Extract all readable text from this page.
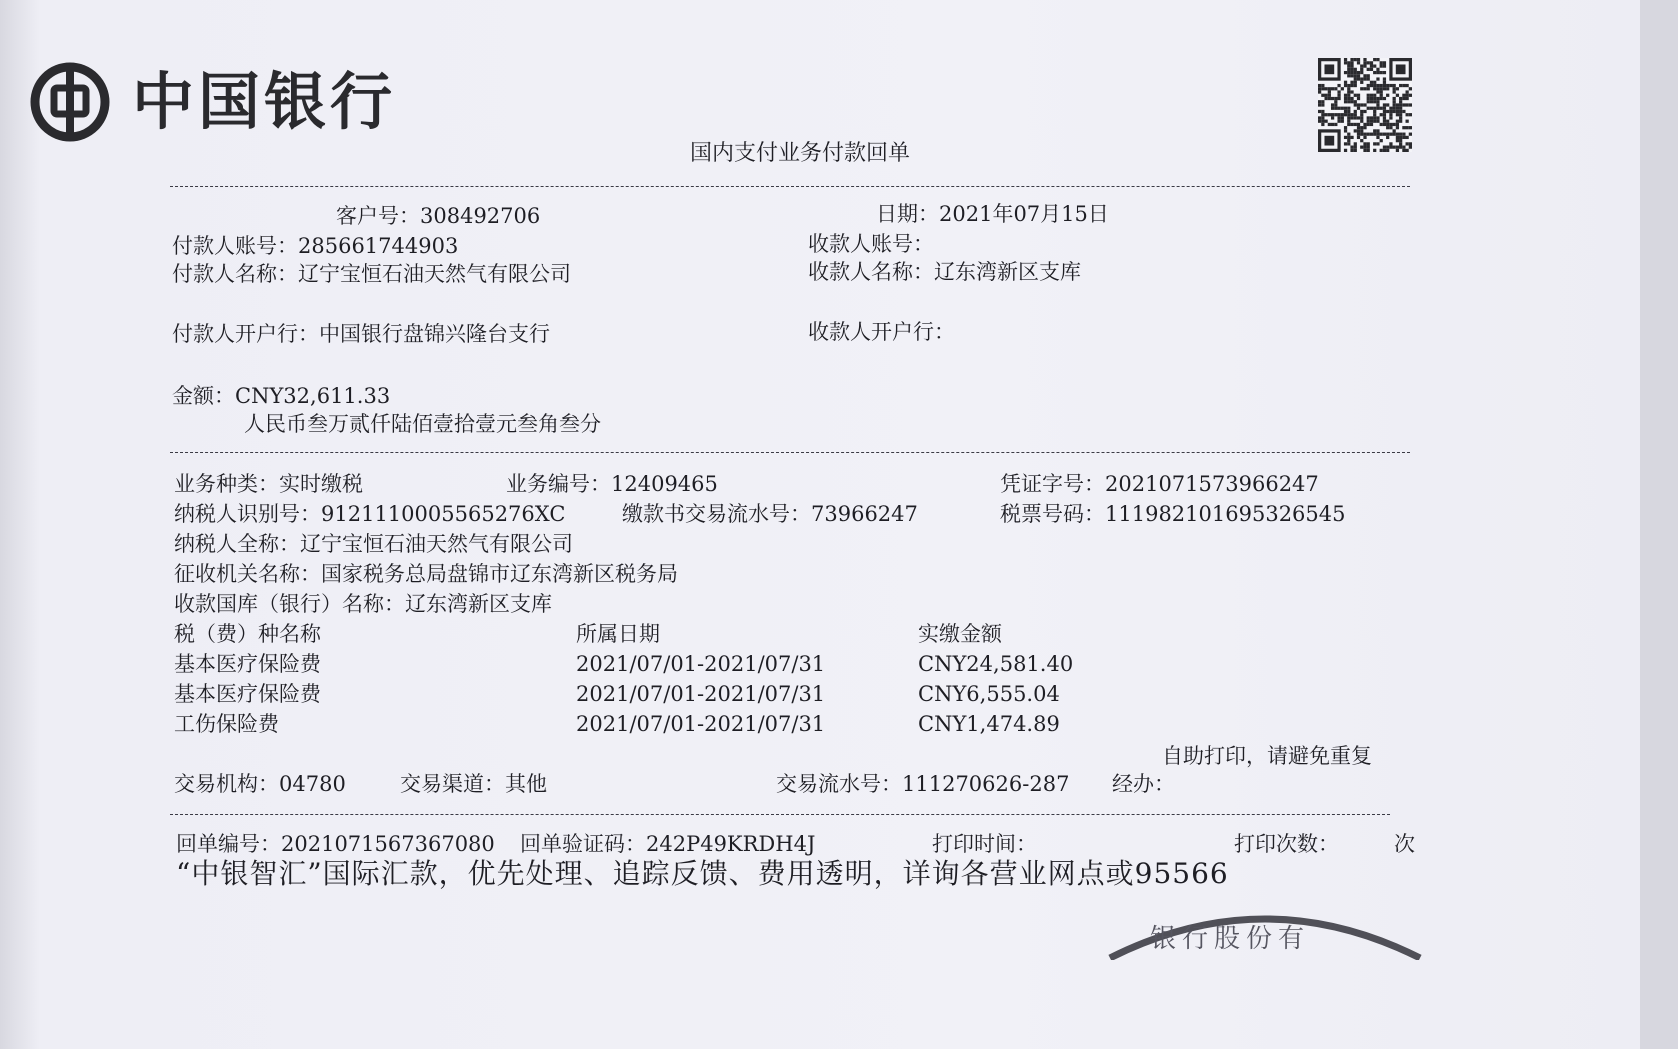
中国银行
国内支付业务付款回单
客户号：308492706	日期：2021年07月15日
付款人账号：285661744903	收款人账号：
付款人名称：辽宁宝恒石油天然气有限公司	收款人名称：辽东湾新区支库
付款人开户行：中国银行盘锦兴隆台支行	收款人开户行：
金额：CNY32,611.33
人民币叁万贰仟陆佰壹拾壹元叁角叁分
业务种类：实时缴税	业务编号：12409465	凭证字号：2021071573966247
纳税人识别号：9121110005565276XC	缴款书交易流水号：73966247	税票号码：111982101695326545
纳税人全称：辽宁宝恒石油天然气有限公司
征收机关名称：国家税务总局盘锦市辽东湾新区税务局
收款国库（银行）名称：辽东湾新区支库
税（费）种名称	所属日期	实缴金额
基本医疗保险费	2021/07/01-2021/07/31	CNY24,581.40
基本医疗保险费	2021/07/01-2021/07/31	CNY6,555.04
工伤保险费	2021/07/01-2021/07/31	CNY1,474.89
自助打印，请避免重复
交易机构：04780	交易渠道：其他	交易流水号：111270626-287 经办：
回单编号：2021071567367080 回单验证码：242P49KRDH4J	打印时间：	打印次数：	次
“中银智汇”国际汇款，优先处理、追踪反馈、费用透明，详询各营业网点或95566
银行股份有
